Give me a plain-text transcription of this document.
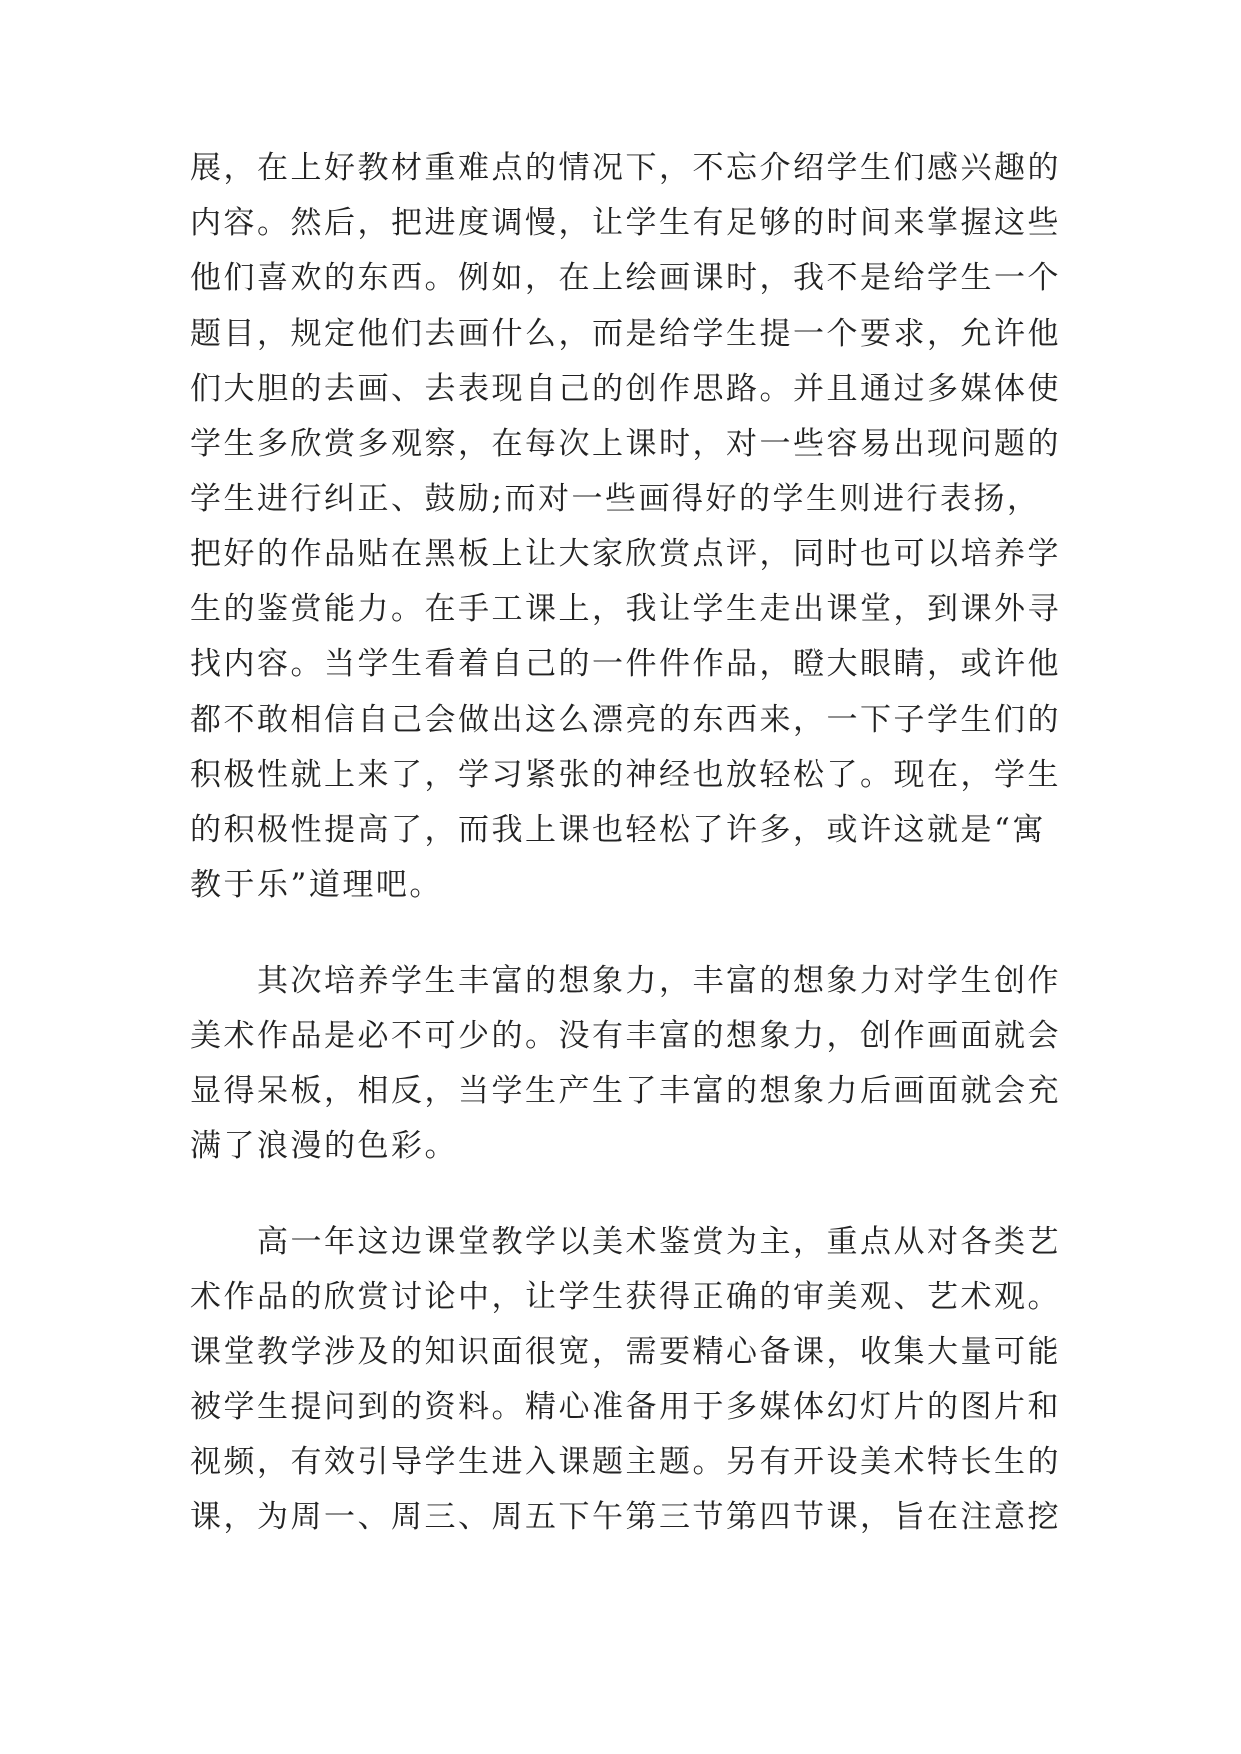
展，在上好教材重难点的情况下，不忘介绍学生们感兴趣的
内容。然后，把进度调慢，让学生有足够的时间来掌握这些
他们喜欢的东西。例如，在上绘画课时，我不是给学生一个
题目，规定他们去画什么，而是给学生提一个要求，允许他
们大胆的去画、去表现自己的创作思路。并且通过多媒体使
学生多欣赏多观察，在每次上课时，对一些容易出现问题的
学生进行纠正、鼓励;而对一些画得好的学生则进行表扬，
把好的作品贴在黑板上让大家欣赏点评，同时也可以培养学
生的鉴赏能力。在手工课上，我让学生走出课堂，到课外寻
找内容。当学生看着自己的一件件作品，瞪大眼睛，或许他
都不敢相信自己会做出这么漂亮的东西来，一下子学生们的
积极性就上来了，学习紧张的神经也放轻松了。现在，学生
的积极性提高了，而我上课也轻松了许多，或许这就是“寓
教于乐”道理吧。
　　其次培养学生丰富的想象力，丰富的想象力对学生创作
美术作品是必不可少的。没有丰富的想象力，创作画面就会
显得呆板，相反，当学生产生了丰富的想象力后画面就会充
满了浪漫的色彩。
　　高一年这边课堂教学以美术鉴赏为主，重点从对各类艺
术作品的欣赏讨论中，让学生获得正确的审美观、艺术观。
课堂教学涉及的知识面很宽，需要精心备课，收集大量可能
被学生提问到的资料。精心准备用于多媒体幻灯片的图片和
视频，有效引导学生进入课题主题。另有开设美术特长生的
课，为周一、周三、周五下午第三节第四节课，旨在注意挖
